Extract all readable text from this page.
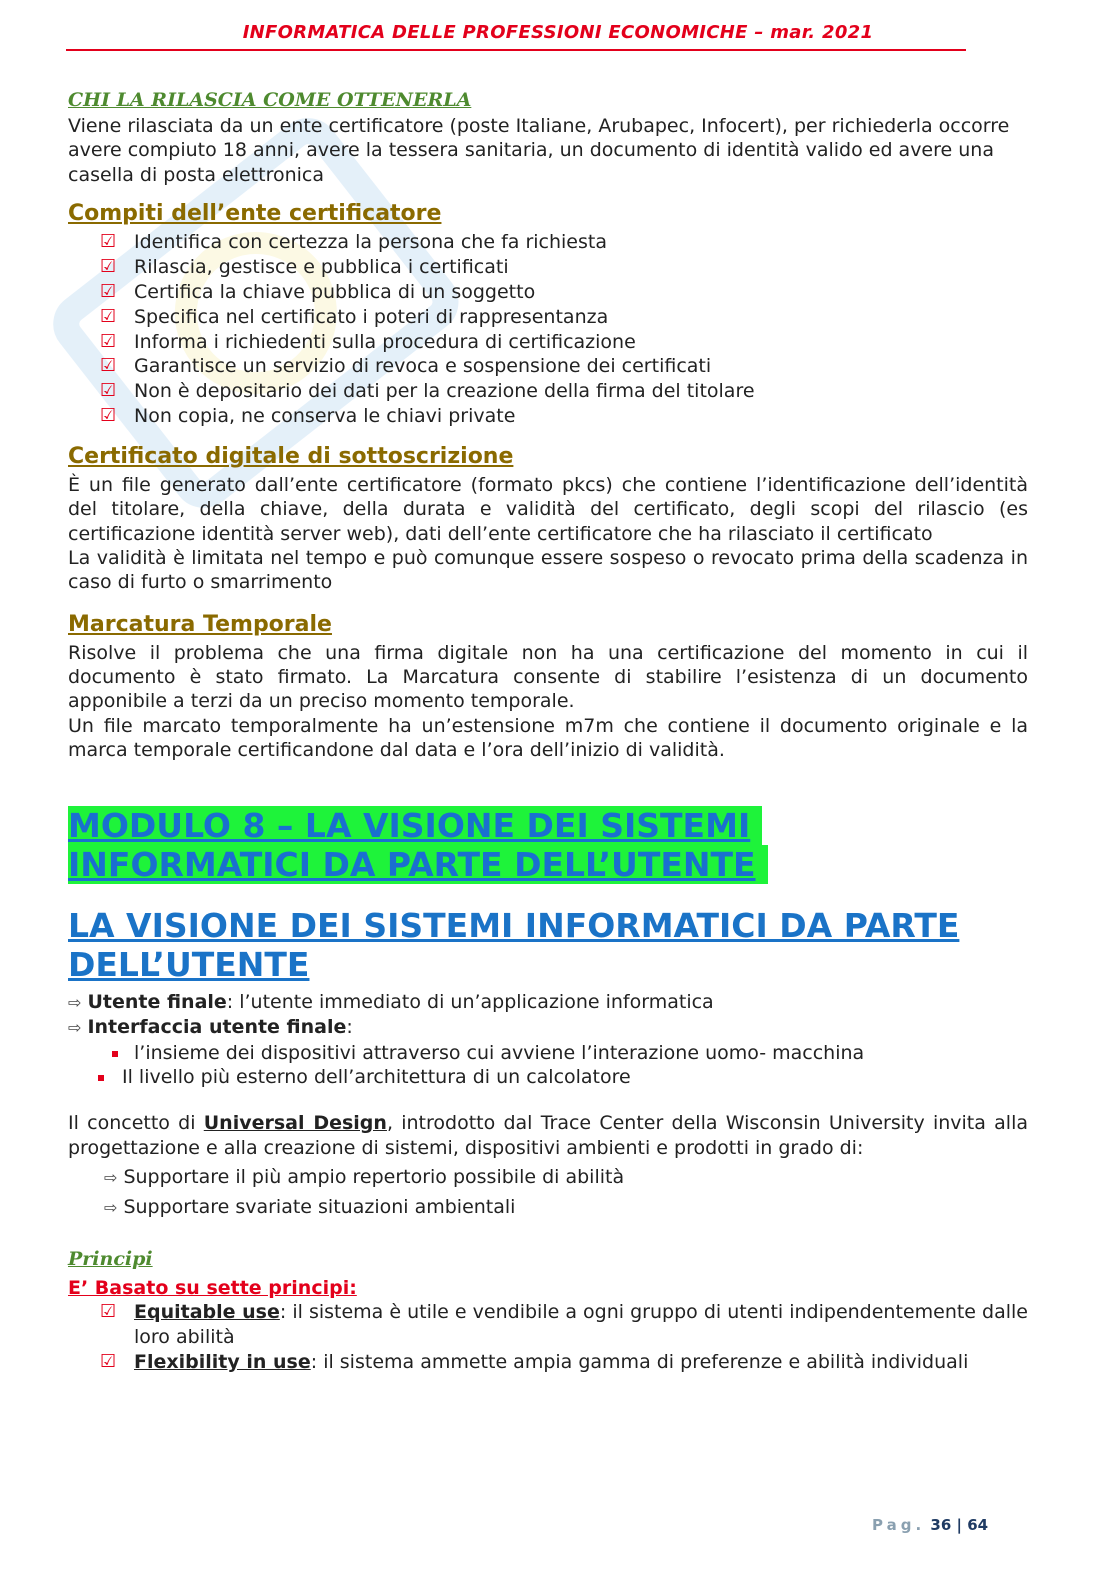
INFORMATICA DELLE PROFESSIONI ECONOMICHE – mar. 2021

CHI LA RILASCIA COME OTTENERLA

Viene rilasciata da un ente certificatore (poste Italiane, Arubapec, Infocert), per richiederla occorre avere compiuto 18 anni, avere la tessera sanitaria, un documento di identità valido ed avere una casella di posta elettronica

Compiti dell’ente certificatore

☑ Identifica con certezza la persona che fa richiesta
☑ Rilascia, gestisce e pubblica i certificati
☑ Certifica la chiave pubblica di un soggetto
☑ Specifica nel certificato i poteri di rappresentanza
☑ Informa i richiedenti sulla procedura di certificazione
☑ Garantisce un servizio di revoca e sospensione dei certificati
☑ Non è depositario dei dati per la creazione della firma del titolare
☑ Non copia, ne conserva le chiavi private

Certificato digitale di sottoscrizione

È un file generato dall’ente certificatore (formato pkcs) che contiene l’identificazione dell’identità del titolare, della chiave, della durata e validità del certificato, degli scopi del rilascio (es certificazione identità server web), dati dell’ente certificatore che ha rilasciato il certificato

La validità è limitata nel tempo e può comunque essere sospeso o revocato prima della scadenza in caso di furto o smarrimento

Marcatura Temporale

Risolve il problema che una firma digitale non ha una certificazione del momento in cui il documento è stato firmato. La Marcatura consente di stabilire l’esistenza di un documento apponibile a terzi da un preciso momento temporale.

Un file marcato temporalmente ha un’estensione m7m che contiene il documento originale e la marca temporale certificandone dal data e l’ora dell’inizio di validità.

MODULO 8 – LA VISIONE DEI SISTEMI
INFORMATICI DA PARTE DELL’UTENTE

LA VISIONE DEI SISTEMI INFORMATICI DA PARTE DELL’UTENTE

⇨ Utente finale: l’utente immediato di un’applicazione informatica

⇨ Interfaccia utente finale:

l’insieme dei dispositivi attraverso cui avviene l’interazione uomo- macchina

Il livello più esterno dell’architettura di un calcolatore

Il concetto di Universal Design, introdotto dal Trace Center della Wisconsin University invita alla progettazione e alla creazione di sistemi, dispositivi ambienti e prodotti in grado di:

⇨ Supportare il più ampio repertorio possibile di abilità

⇨ Supportare svariate situazioni ambientali

Principi

E’ Basato su sette principi:

☑ Equitable use: il sistema è utile e vendibile a ogni gruppo di utenti indipendentemente dalle loro abilità
☑ Flexibility in use: il sistema ammette ampia gamma di preferenze e abilità individuali
Pag. 36 | 64
